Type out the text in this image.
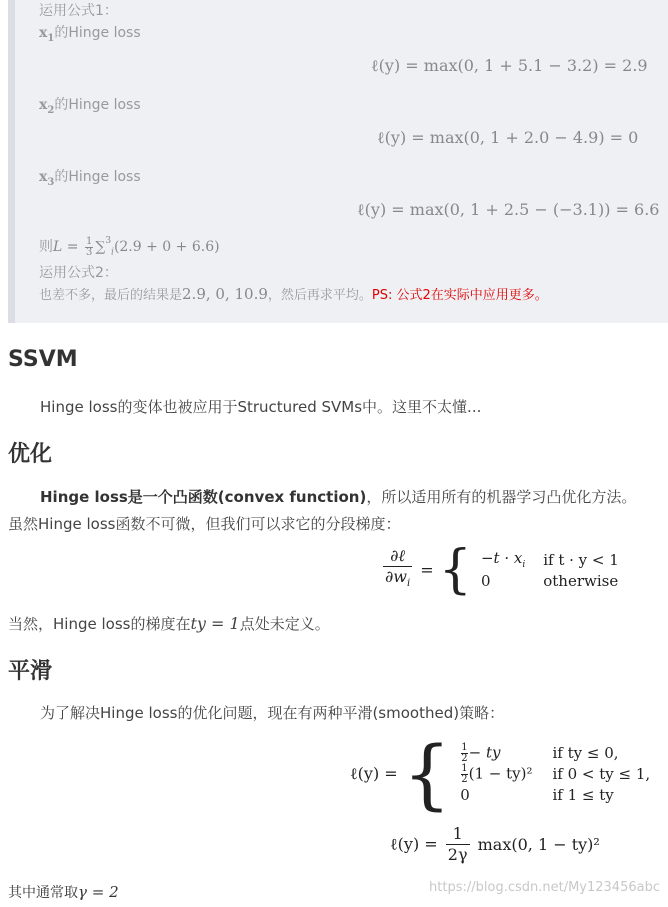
运用公式1：
$x_1$的Hinge loss
ℓ(y) = max(0, 1 + 5.1 − 3.2) = 2.9
$x_2$的Hinge loss
ℓ(y) = max(0, 1 + 2.0 − 4.9) = 0
$x_3$的Hinge loss
ℓ(y) = max(0, 1 + 2.5 − (−3.1)) = 6.6
则$L = \frac{1}{3} \sum^3i(2.9 + 0 + 6.6)$
运用公式2：
也差不多，最后的结果是2.9, 0, 10.9，然后再求平均。PS: 公式2在实际中应用更多。
SSVM
Hinge loss的变体也被应用于Structured SVMs中。这里不太懂...
优化
Hinge loss是一个凸函数(convex function)，所以适用所有的机器学习凸优化方法。
虽然Hinge loss函数不可微，但我们可以求它的分段梯度：
∂ℓ
$\partial w_i$
= { $-t \cdot x_i$	if t · y < 1
0	otherwise
当然，Hinge loss的梯度在ty = 1点处未定义。
平滑
为了解决Hinge loss的优化问题，现在有两种平滑(smoothed)策略：
ℓ(y) = { $\frac{1}{2}$ − ty	if ty ≤ 0,

$\frac{1}{2} (1 - ty)^2$	if 0 < ty ≤ 1,
0	if 1 ≤ ty
ℓ(y) = $\frac{1}{2\gamma} \max(0$, 1 − ty)²
其中通常取γ = 2	https://blog.csdn.net/My123456abc
